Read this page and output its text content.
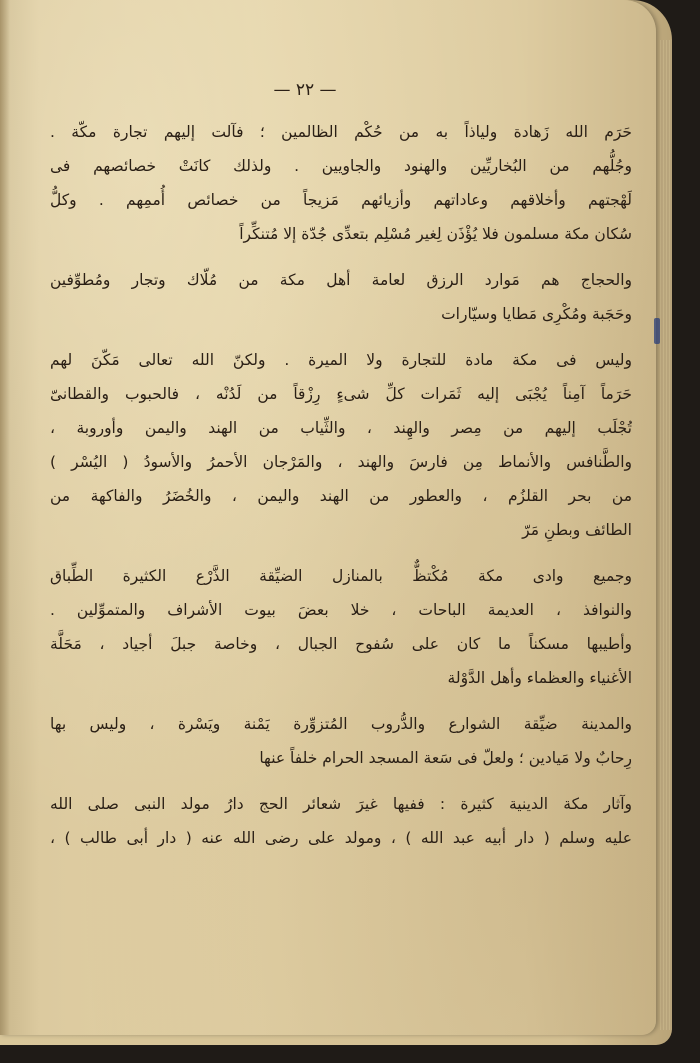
— ٢٢ —
حَرَم الله زَهادة ولياذاً به من حُكْم الظالمين ؛ فآلت إليهم تجارة مكّة .
وجُلُّهم من البُخاريِّين والهنود والجاويين . ولذلك كانَتْ خصائصهم فى
لَهْجتهم وأخلاقهم وعاداتهم وأزيائهم مَزيجاً من خصائص أُممِهم . وكلُّ
سُكان مكة مسلمون فلا يُؤْذَن لِغير مُسْلِم بتعدِّى جُدّة إلا مُتنكِّراً
والحجاج هم مَوارد الرزق لعامة أهل مكة من مُلّاك وتجار ومُطوِّفين
وحَجَبة ومُكْرِى مَطايا وسيّارات
وليس فى مكة مادة للتجارة ولا الميرة . ولكنّ الله تعالى مَكّنَ لهم
حَرَماً آمِناً يُجْبَى إليه ثَمَرات كلِّ شىءٍ رِزْقاً من لَدُنْه ، فالحبوب والقطانىّ
تُجْلَب إليهم من مِصر والهِند ، والثِّياب من الهند واليمن وأوروبة ،
والطَّنافس والأنماط مِن فارسَ والهند ، والمَرْجان الأحمرُ والأسودُ ( اليُسْر )
من بحر القلزُم ، والعطور من الهند واليمن ، والخُضَرُ والفاكهة من
الطائف وبطنِ مَرّ
وجميع وادى مكة مُكْتظٌّ بالمنازل الضيِّقة الذَّرْع الكثيرة الطِّباق
والنوافذ ، العديمة الباحات ، خلا بعضَ بيوت الأشراف والمتموِّلين .
وأطيبها مسكناً ما كان على سُفوح الجبال ، وخاصة جبلَ أجياد ، مَحَلَّة
الأغنياء والعظماء وأهل الدَّوْلة
والمدينة ضيِّقة الشوارع والدُّروب المُتزوِّرة يَمْنة ويَسْرة ، وليس بها
رِحابٌ ولا مَيادين ؛ ولعلّ فى سَعة المسجد الحرام خلفاً عنها
وآثار مكة الدينية كثيرة : ففيها غيرَ شعائر الحج دارُ مولد النبى صلى الله
عليه وسلم ( دار أبيه عبد الله ) ، ومولد على رضى الله عنه ( دار أبى طالب ) ،
